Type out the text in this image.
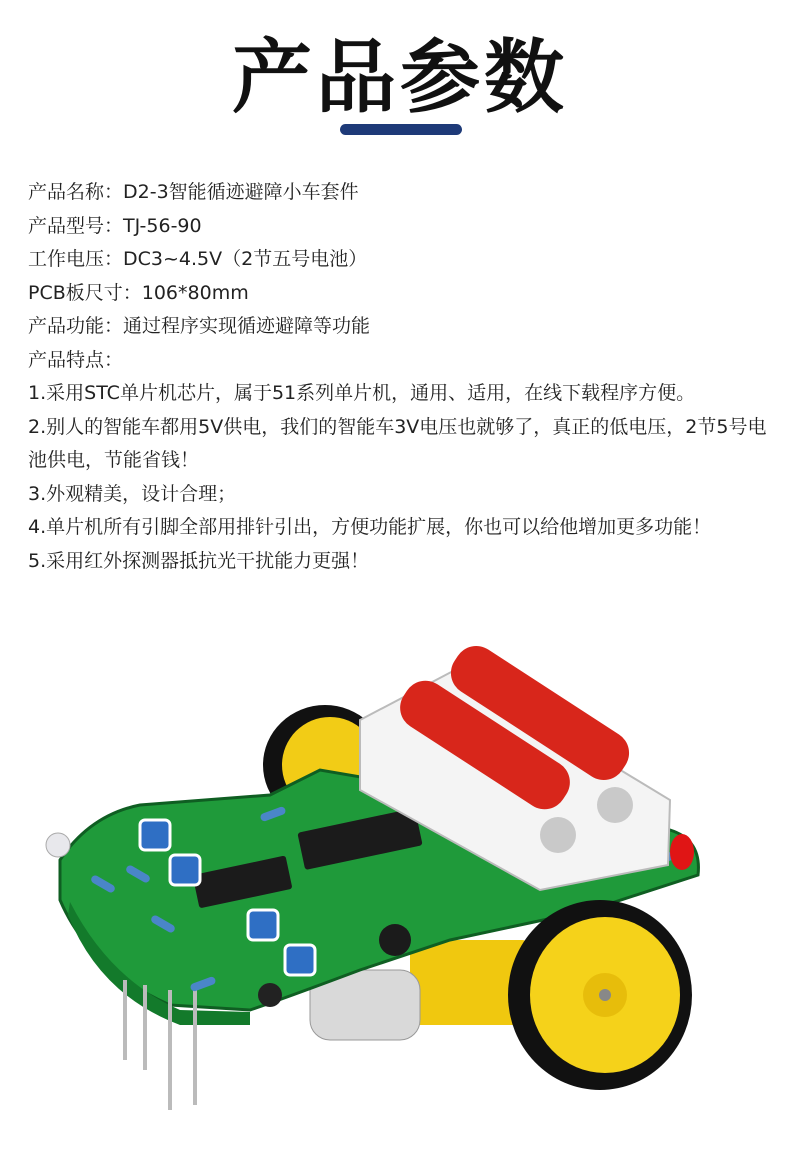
产品参数
产品名称：D2-3智能循迹避障小车套件
产品型号：TJ-56-90
工作电压：DC3~4.5V（2节五号电池）
PCB板尺寸：106*80mm
产品功能：通过程序实现循迹避障等功能
产品特点：
1.采用STC单片机芯片，属于51系列单片机，通用、适用，在线下载程序方便。
2.别人的智能车都用5V供电，我们的智能车3V电压也就够了，真正的低电压，2节5号电池供电，节能省钱！
3.外观精美，设计合理；
4.单片机所有引脚全部用排针引出，方便功能扩展，你也可以给他增加更多功能！
5.采用红外探测器抵抗光干扰能力更强！
